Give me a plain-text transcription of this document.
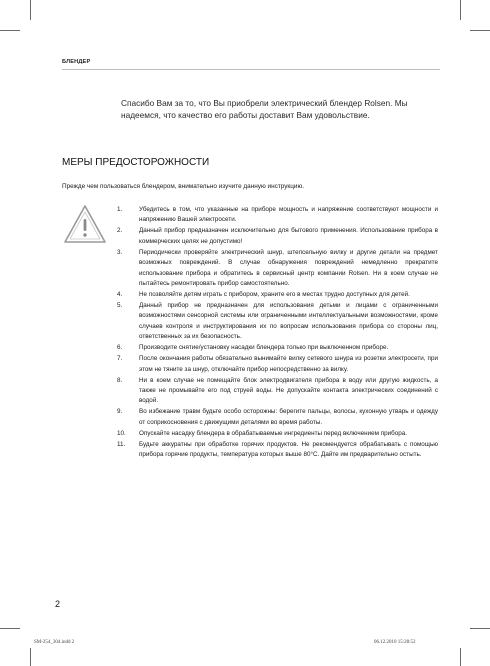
БЛЕНДЕР
Спасибо Вам за то, что Вы приобрели электрический блендер Rolsen. Мы надеемся, что качество его работы доставит Вам удовольствие.
МЕРЫ ПРЕДОСТОРОЖНОСТИ
Прежде чем пользоваться блендером, внимательно изучите данную инструкцию.
1.	Убедитесь в том, что указанные на приборе мощность и напряжение соответствуют мощности и напряжению Вашей электросети.
2.	Данный прибор предназначен исключительно для бытового применения. Использование прибора в коммерческих целях не допустимо!
3.	Периодически проверяйте электрический шнур, штепсельную вилку и другие детали на предмет возможных повреждений. В случае обнаружения повреждений немедленно прекратите использование прибора и обратитесь в сервисный центр компании Rolsen. Ни в коем случае не пытайтесь ремонтировать прибор самостоятельно.
4.	Не позволяйте детям играть с прибором, храните его в местах трудно доступных для детей.
5.	Данный прибор не предназначен для использования детьми и лицами с ограниченными возможностями сенсорной системы или ограниченными интеллектуальными возможностями, кроме случаев контроля и инструктирования их по вопросам использования прибора со стороны лиц, ответственных за их безопасность.
6.	Производите снятие/установку насадки блендера только при выключенном приборе.
7.	После окончания работы обязательно вынимайте вилку сетевого шнура из розетки электросети, при этом не тяните за шнур, отключайте прибор непосредственно за вилку.
8.	Ни в коем случае не помещайте блок электродвигателя прибора в воду или другую жидкость, а также не промывайте его под струей воды. Не допускайте контакта электрических соединений с водой.
9.	Во избежание травм будьте особо осторожны: берегите пальцы, волосы, кухонную утварь и одежду от соприкосновения с движущими деталями во время работы.
10.	Опускайте насадку блендера в обрабатываемые ингредиенты перед включением прибора.
11.	Будьте аккуратны при обработке горячих продуктов. Не рекомендуется обрабатывать с помощью прибора горячие продукты, температура которых выше 80°С. Дайте им предварительно остыть.
2
SM-254_304.indd 2	06.12.2010 15:28:52
